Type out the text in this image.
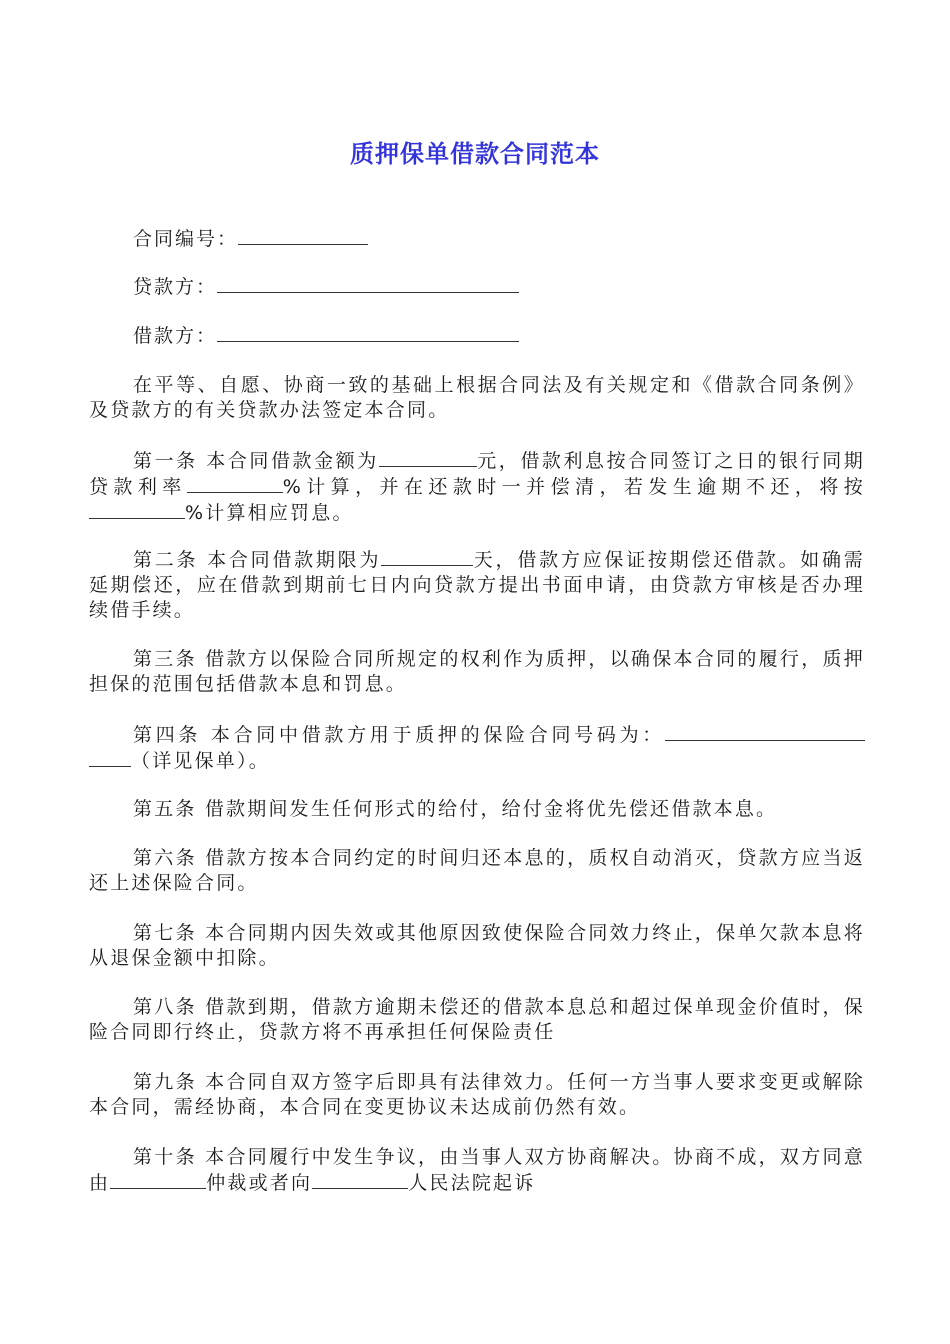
质押保单借款合同范本
合同编号：
贷款方：
借款方：
在平等、自愿、协商一致的基础上根据合同法及有关规定和《借款合同条例》及贷款方的有关贷款办法签定本合同。
第一条 本合同借款金额为	元，借款利息按合同签订之日的银行同期贷款利率	%计算，并在还款时一并偿清，若发生逾期不还，将按%计算相应罚息。
第二条 本合同借款期限为	天，借款方应保证按期偿还借款。如确需延期偿还，应在借款到期前七日内向贷款方提出书面申请，由贷款方审核是否办理续借手续。
第三条 借款方以保险合同所规定的权利作为质押，以确保本合同的履行，质押担保的范围包括借款本息和罚息。
第四条 本合同中借款方用于质押的保险合同号码为：（详见保单）。
第五条 借款期间发生任何形式的给付，给付金将优先偿还借款本息。
第六条 借款方按本合同约定的时间归还本息的，质权自动消灭，贷款方应当返还上述保险合同。
第七条 本合同期内因失效或其他原因致使保险合同效力终止，保单欠款本息将从退保金额中扣除。
第八条 借款到期，借款方逾期未偿还的借款本息总和超过保单现金价值时，保险合同即行终止，贷款方将不再承担任何保险责任
第九条 本合同自双方签字后即具有法律效力。任何一方当事人要求变更或解除本合同，需经协商，本合同在变更协议未达成前仍然有效。
第十条 本合同履行中发生争议，由当事人双方协商解决。协商不成，双方同意由	仲裁或者向	人民法院起诉
